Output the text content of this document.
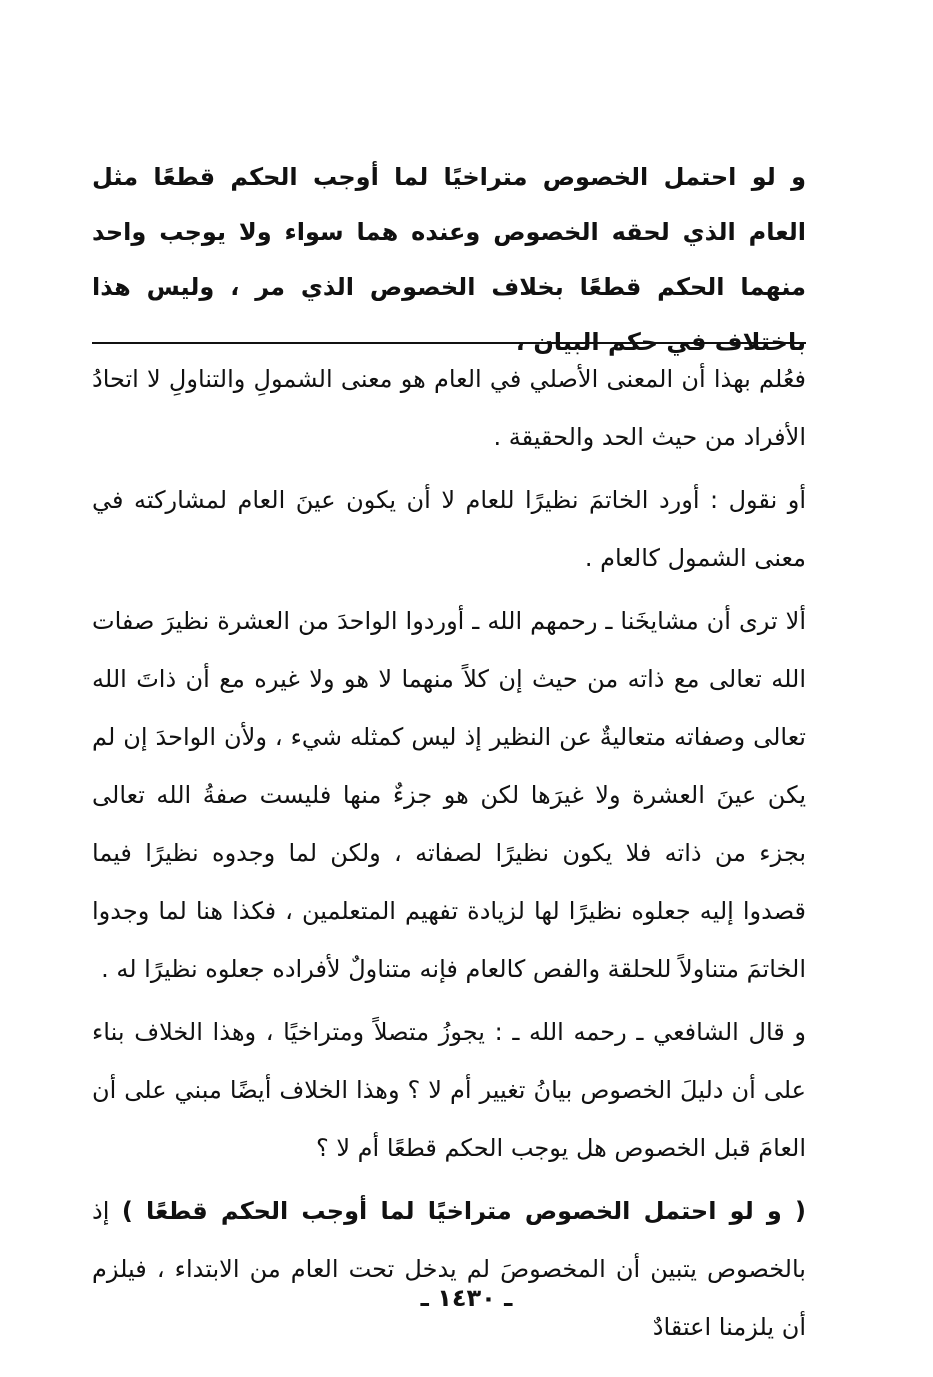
و لو احتمل الخصوص متراخيًا لما أوجب الحكم قطعًا مثل العام الذي لحقه الخصوص وعنده هما سواء ولا يوجب واحد منهما الحكم قطعًا بخلاف الخصوص الذي مر ، وليس هذا باختلاف في حكم البيان ،

فعُلم بهذا أن المعنى الأصلي في العام هو معنى الشمولِ والتناولِ لا اتحادُ الأفراد من حيث الحد والحقيقة .

أو نقول : أورد الخاتمَ نظيرًا للعام لا أن يكون عينَ العام لمشاركته في معنى الشمول كالعام .

ألا ترى أن مشايخَنا ـ رحمهم الله ـ أوردوا الواحدَ من العشرة نظيرَ صفات الله تعالى مع ذاته من حيث إن كلاً منهما لا هو ولا غيره مع أن ذاتَ الله تعالى وصفاته متعاليةٌ عن النظير إذ ليس كمثله شيء ، ولأن الواحدَ إن لم يكن عينَ العشرة ولا غيرَها لكن هو جزءٌ منها فليست صفةُ الله تعالى بجزء من ذاته فلا يكون نظيرًا لصفاته ، ولكن لما وجدوه نظيرًا فيما قصدوا إليه جعلوه نظيرًا لها لزيادة تفهيم المتعلمين ، فكذا هنا لما وجدوا الخاتمَ متناولاً للحلقة والفص كالعام فإنه متناولٌ لأفراده جعلوه نظيرًا له .

و قال الشافعي ـ رحمه الله ـ : يجوزُ متصلاً ومتراخيًا ، وهذا الخلاف بناء على أن دليلَ الخصوص بيانُ تغيير أم لا ؟ وهذا الخلاف أيضًا مبني على أن العامَ قبل الخصوص هل يوجب الحكم قطعًا أم لا ؟

( و لو احتمل الخصوص متراخيًا لما أوجب الحكم قطعًا ) إذ بالخصوص يتبين أن المخصوصَ لم يدخل تحت العام من الابتداء ، فيلزم أن يلزمنا اعتقادٌ

ـ ١٤٣٠ ـ
